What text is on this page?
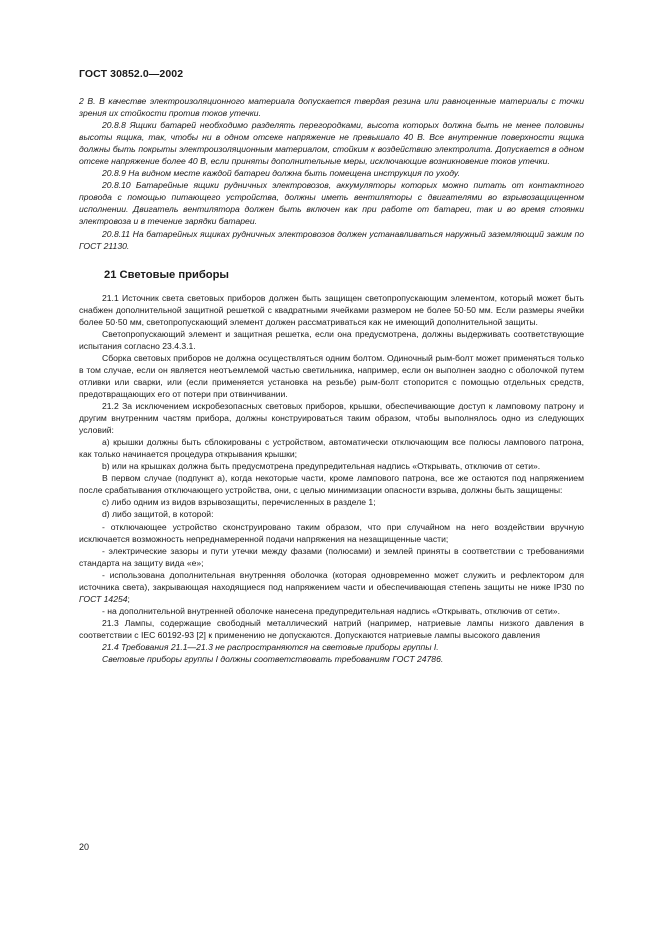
ГОСТ 30852.0—2002

2 В. В качестве электроизоляционного материала допускается твердая резина или равноценные материалы с точки зрения их стойкости против токов утечки.

20.8.8 Ящики батарей необходимо разделять перегородками, высота которых должна быть не менее половины высоты ящика, так, чтобы ни в одном отсеке напряжение не превышало 40 В. Все внутренние поверхности ящика должны быть покрыты электроизоляционным материалом, стойким к воздействию электролита. Допускается в одном отсеке напряжение более 40 В, если приняты дополнительные меры, исключающие возникновение токов утечки.

20.8.9 На видном месте каждой батареи должна быть помещена инструкция по уходу.

20.8.10 Батарейные ящики рудничных электровозов, аккумуляторы которых можно питать от контактного провода с помощью питающего устройства, должны иметь вентиляторы с двигателями во взрывозащищенном исполнении. Двигатель вентилятора должен быть включен как при работе от батареи, так и во время стоянки электровоза и в течение зарядки батареи.

20.8.11 На батарейных ящиках рудничных электровозов должен устанавливаться наружный заземляющий зажим по ГОСТ 21130.

21 Световые приборы

21.1 Источник света световых приборов должен быть защищен светопропускающим элементом, который может быть снабжен дополнительной защитной решеткой с квадратными ячейками размером не более 50·50 мм. Если размеры ячейки более 50·50 мм, светопропускающий элемент должен рассматриваться как не имеющий дополнительной защиты.

Светопропускающий элемент и защитная решетка, если она предусмотрена, должны выдерживать соответствующие испытания согласно 23.4.3.1.

Сборка световых приборов не должна осуществляться одним болтом. Одиночный рым-болт может применяться только в том случае, если он является неотъемлемой частью светильника, например, если он выполнен заодно с оболочкой путем отливки или сварки, или (если применяется установка на резьбе) рым-болт стопорится с помощью отдельных средств, предотвращающих его от потери при отвинчивании.

21.2 За исключением искробезопасных световых приборов, крышки, обеспечивающие доступ к ламповому патрону и другим внутренним частям прибора, должны конструироваться таким образом, чтобы выполнялось одно из следующих условий:

а) крышки должны быть сблокированы с устройством, автоматически отключающим все полюсы лампового патрона, как только начинается процедура открывания крышки;

b) или на крышках должна быть предусмотрена предупредительная надпись «Открывать, отключив от сети».

В первом случае (подпункт а), когда некоторые части, кроме лампового патрона, все же остаются под напряжением после срабатывания отключающего устройства, они, с целью минимизации опасности взрыва, должны быть защищены:

c) либо одним из видов взрывозащиты, перечисленных в разделе 1;

d) либо защитой, в которой:

- отключающее устройство сконструировано таким образом, что при случайном на него воздействии вручную исключается возможность непреднамеренной подачи напряжения на незащищенные части;

- электрические зазоры и пути утечки между фазами (полюсами) и землей приняты в соответствии с требованиями стандарта на защиту вида «е»;

- использована дополнительная внутренняя оболочка (которая одновременно может служить и рефлектором для источника света), закрывающая находящиеся под напряжением части и обеспечивающая степень защиты не ниже IP30 по ГОСТ 14254;

- на дополнительной внутренней оболочке нанесена предупредительная надпись «Открывать, отключив от сети».

21.3 Лампы, содержащие свободный металлический натрий (например, натриевые лампы низкого давления в соответствии с IEC 60192-93 [2] к применению не допускаются. Допускаются натриевые лампы высокого давления

21.4 Требования 21.1—21.3 не распространяются на световые приборы группы I.

Световые приборы группы I должны соответствовать требованиям ГОСТ 24786.

20
